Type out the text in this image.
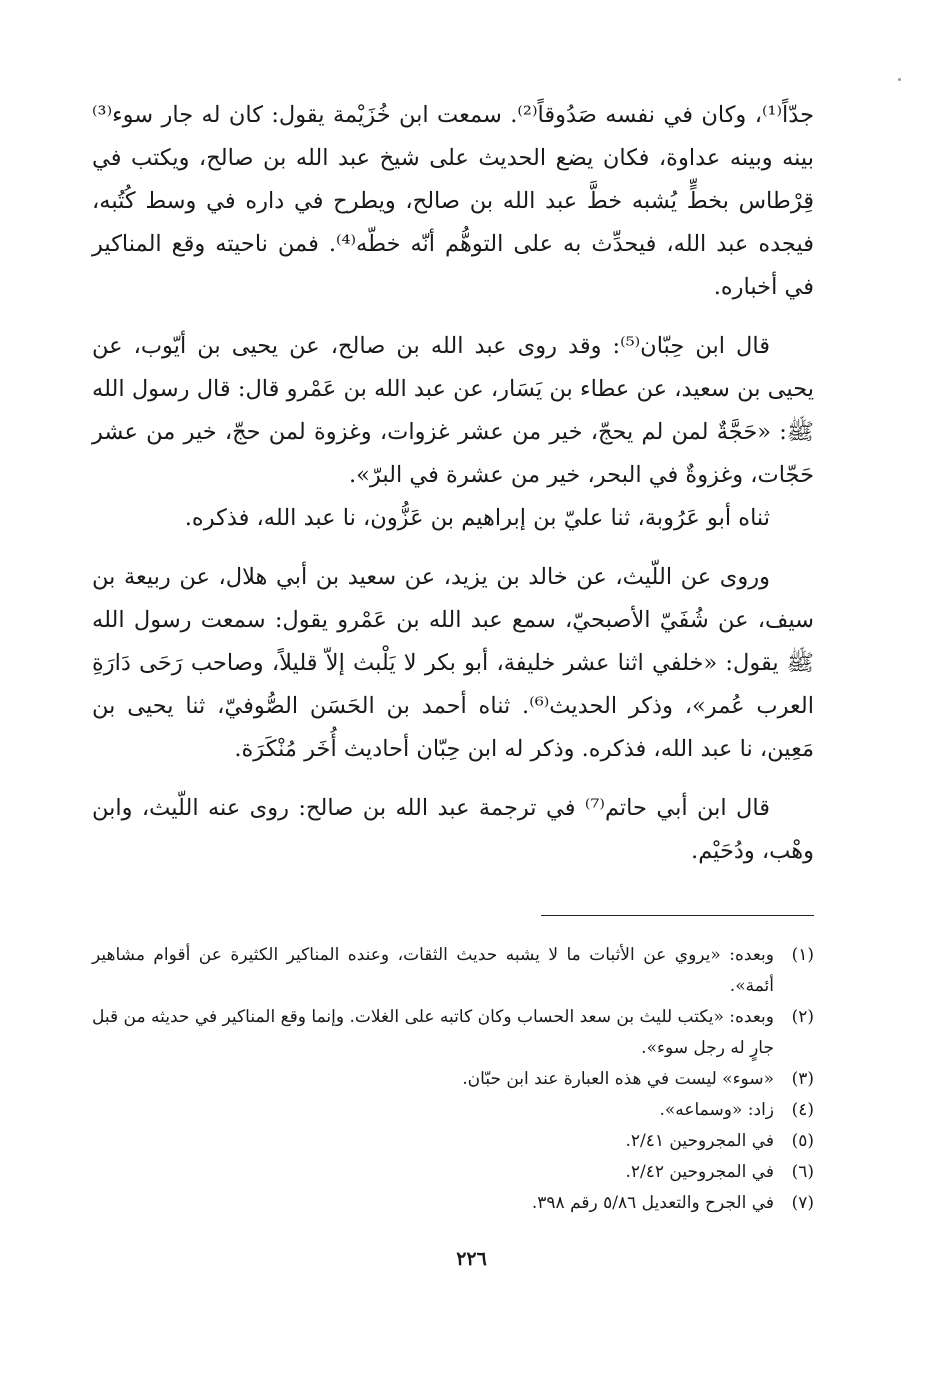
جدّاً⁽¹⁾، وكان في نفسه صَدُوقاً⁽²⁾. سمعت ابن خُزَيْمة يقول: كان له جار سوء⁽³⁾ بينه وبينه عداوة، فكان يضع الحديث على شيخ عبد الله بن صالح، ويكتب في قِرْطاس بخطٍّ يُشبه خطَّ عبد الله بن صالح، ويطرح في داره في وسط كُتُبه، فيجده عبد الله، فيحدِّث به على التوهُّم أنّه خطّه⁽⁴⁾. فمن ناحيته وقع المناكير في أخباره.

قال ابن حِبّان⁽⁵⁾: وقد روى عبد الله بن صالح، عن يحيى بن أيّوب، عن يحيى بن سعيد، عن عطاء بن يَسَار، عن عبد الله بن عَمْرو قال: قال رسول الله ﷺ: «حَجَّةٌ لمن لم يحجّ، خير من عشر غزوات، وغزوة لمن حجّ، خير من عشر حَجّات، وغزوةٌ في البحر، خير من عشرة في البرّ».

ثناه أبو عَرُوبة، ثنا عليّ بن إبراهيم بن عَزُّون، نا عبد الله، فذكره.

وروى عن اللّيث، عن خالد بن يزيد، عن سعيد بن أبي هلال، عن ربيعة بن سيف، عن شُفَيّ الأصبحيّ، سمع عبد الله بن عَمْرو يقول: سمعت رسول الله ﷺ يقول: «خلفي اثنا عشر خليفة، أبو بكر لا يَلْبث إلاّ قليلاً، وصاحب رَحَى دَارَةِ العرب عُمر»، وذكر الحديث⁽⁶⁾. ثناه أحمد بن الحَسَن الصُّوفيّ، ثنا يحيى بن مَعِين، نا عبد الله، فذكره. وذكر له ابن حِبّان أحاديث أُخَر مُنْكَرَة.

قال ابن أبي حاتم⁽⁷⁾ في ترجمة عبد الله بن صالح: روى عنه اللّيث، وابن وهْب، ودُحَيْم.

(١)
وبعده: «يروي عن الأثبات ما لا يشبه حديث الثقات، وعنده المناكير الكثيرة عن أقوام مشاهير أئمة».
(٢)
وبعده: «يكتب لليث بن سعد الحساب وكان كاتبه على الغلات. وإنما وقع المناكير في حديثه من قبل جارٍ له رجل سوء».
(٣)
«سوء» ليست في هذه العبارة عند ابن حبّان.
(٤)
زاد: «وسماعه».
(٥)
في المجروحين ٢/٤١.
(٦)
في المجروحين ٢/٤٢.
(٧)
في الجرح والتعديل ٥/٨٦ رقم ٣٩٨.
٢٢٦
